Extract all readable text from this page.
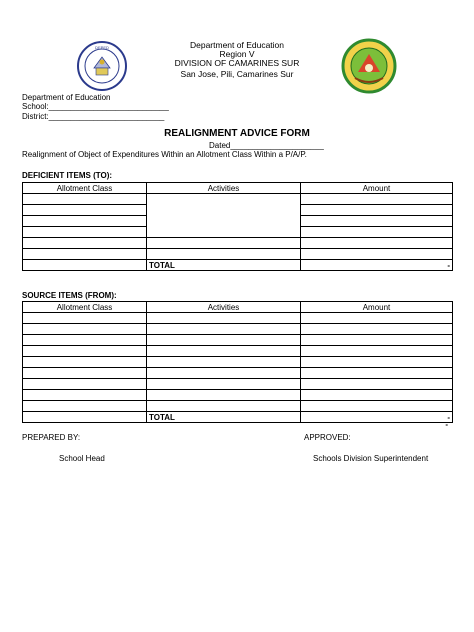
DEPED	Department of Education
Region V
DIVISION OF CAMARINES SUR
San Jose, Pili, Camarines Sur
Department of Education
School:___________________________
District:__________________________
REALIGNMENT ADVICE FORM
Dated_____________________
Realignment of Object of Expenditures Within an Allotment Class Within a P/A/P.
DEFICIENT ITEMS (TO):
Allotment Class	Activities	Amount

	TOTAL	-
SOURCE ITEMS (FROM):
Allotment Class	Activities	Amount

	TOTAL	-
-
PREPARED BY:	APPROVED:
School Head	Schools Division Superintendent
